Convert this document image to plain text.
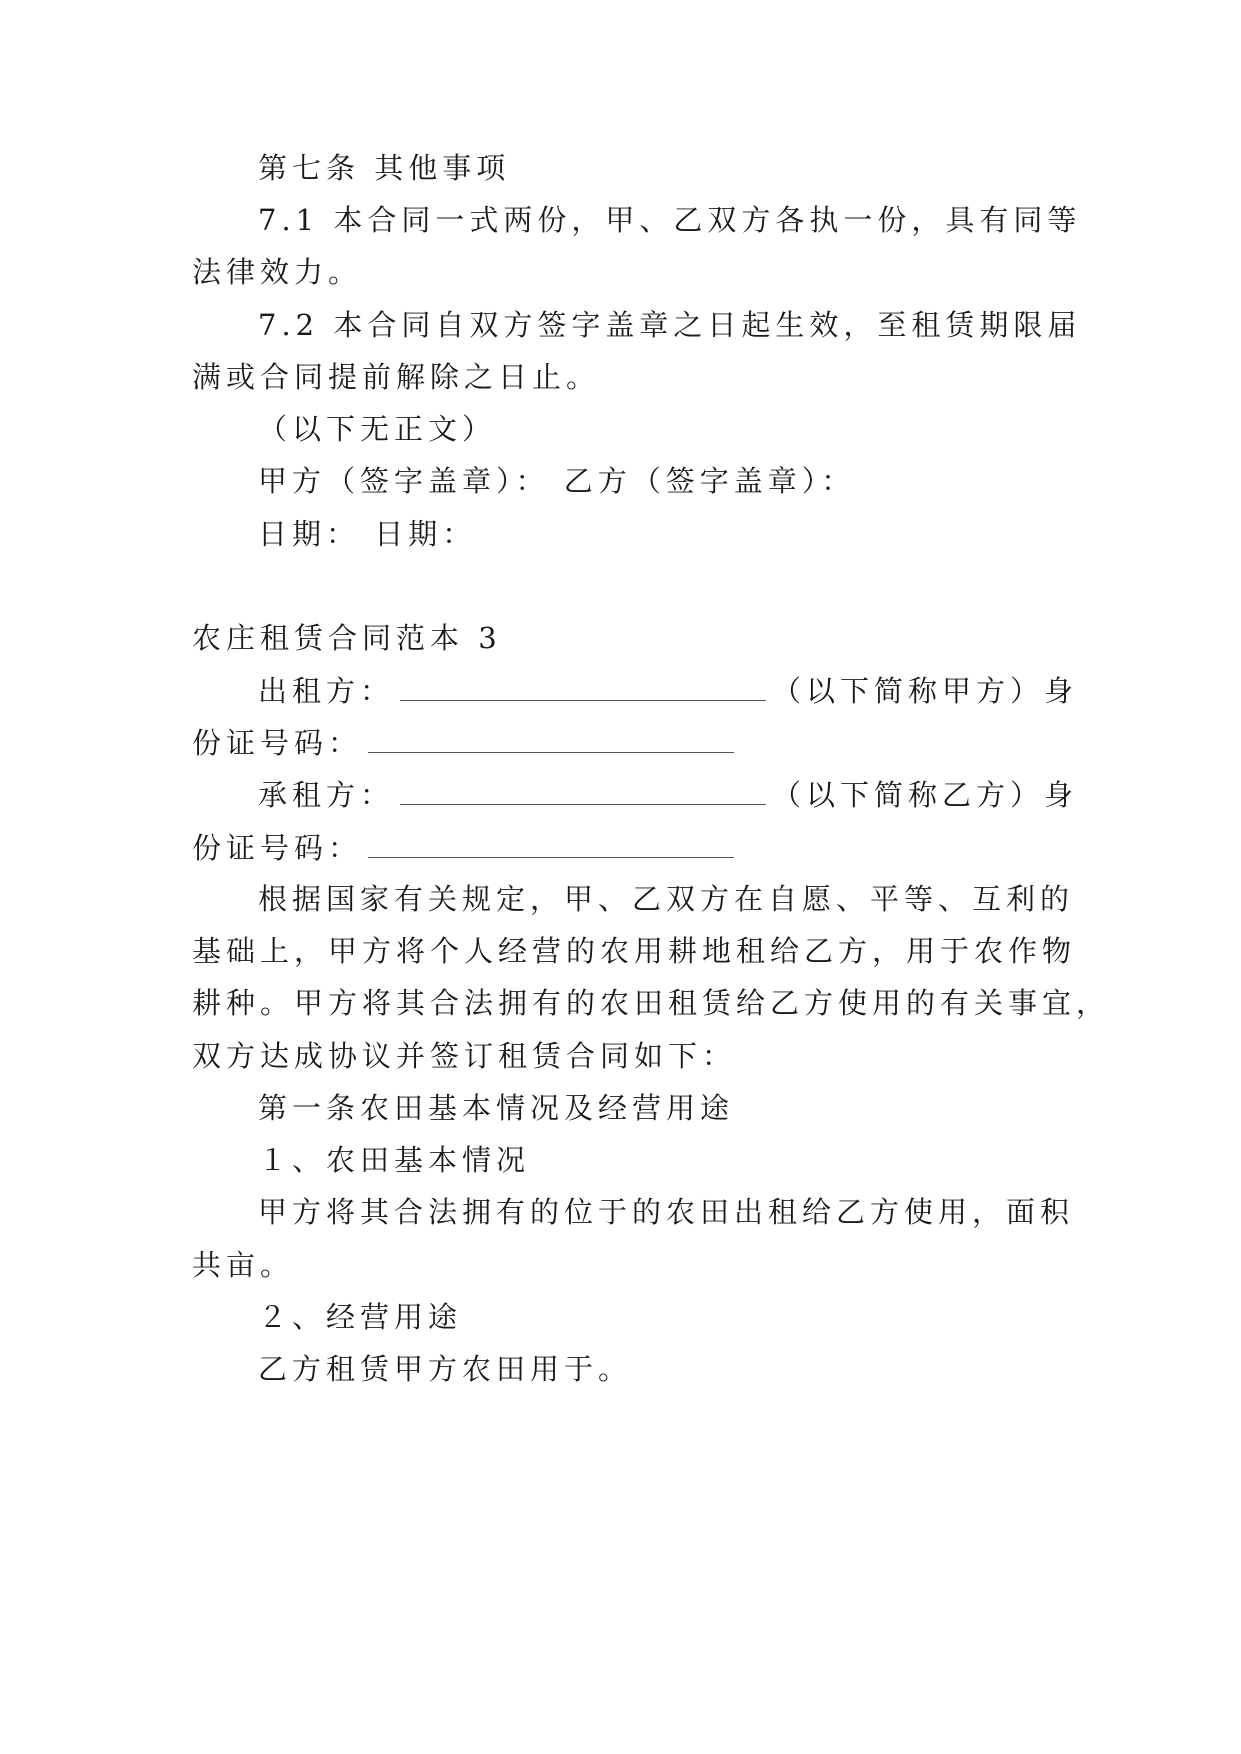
第七条 其他事项
7.1 本合同一式两份，甲、乙双方各执一份，具有同等
法律效力。
7.2 本合同自双方签字盖章之日起生效，至租赁期限届
满或合同提前解除之日止。
（以下无正文）
甲方（签字盖章）： 乙方（签字盖章）：
日期： 日期：
农庄租赁合同范本 3
出租方：	（以下简称甲方）身
份证号码：
承租方：	（以下简称乙方）身
份证号码：
根据国家有关规定，甲、乙双方在自愿、平等、互利的
基础上，甲方将个人经营的农用耕地租给乙方，用于农作物
耕种。甲方将其合法拥有的农田租赁给乙方使用的有关事宜，
双方达成协议并签订租赁合同如下：
第一条农田基本情况及经营用途
１、农田基本情况
甲方将其合法拥有的位于的农田出租给乙方使用，面积
共亩。
２、经营用途
乙方租赁甲方农田用于。
